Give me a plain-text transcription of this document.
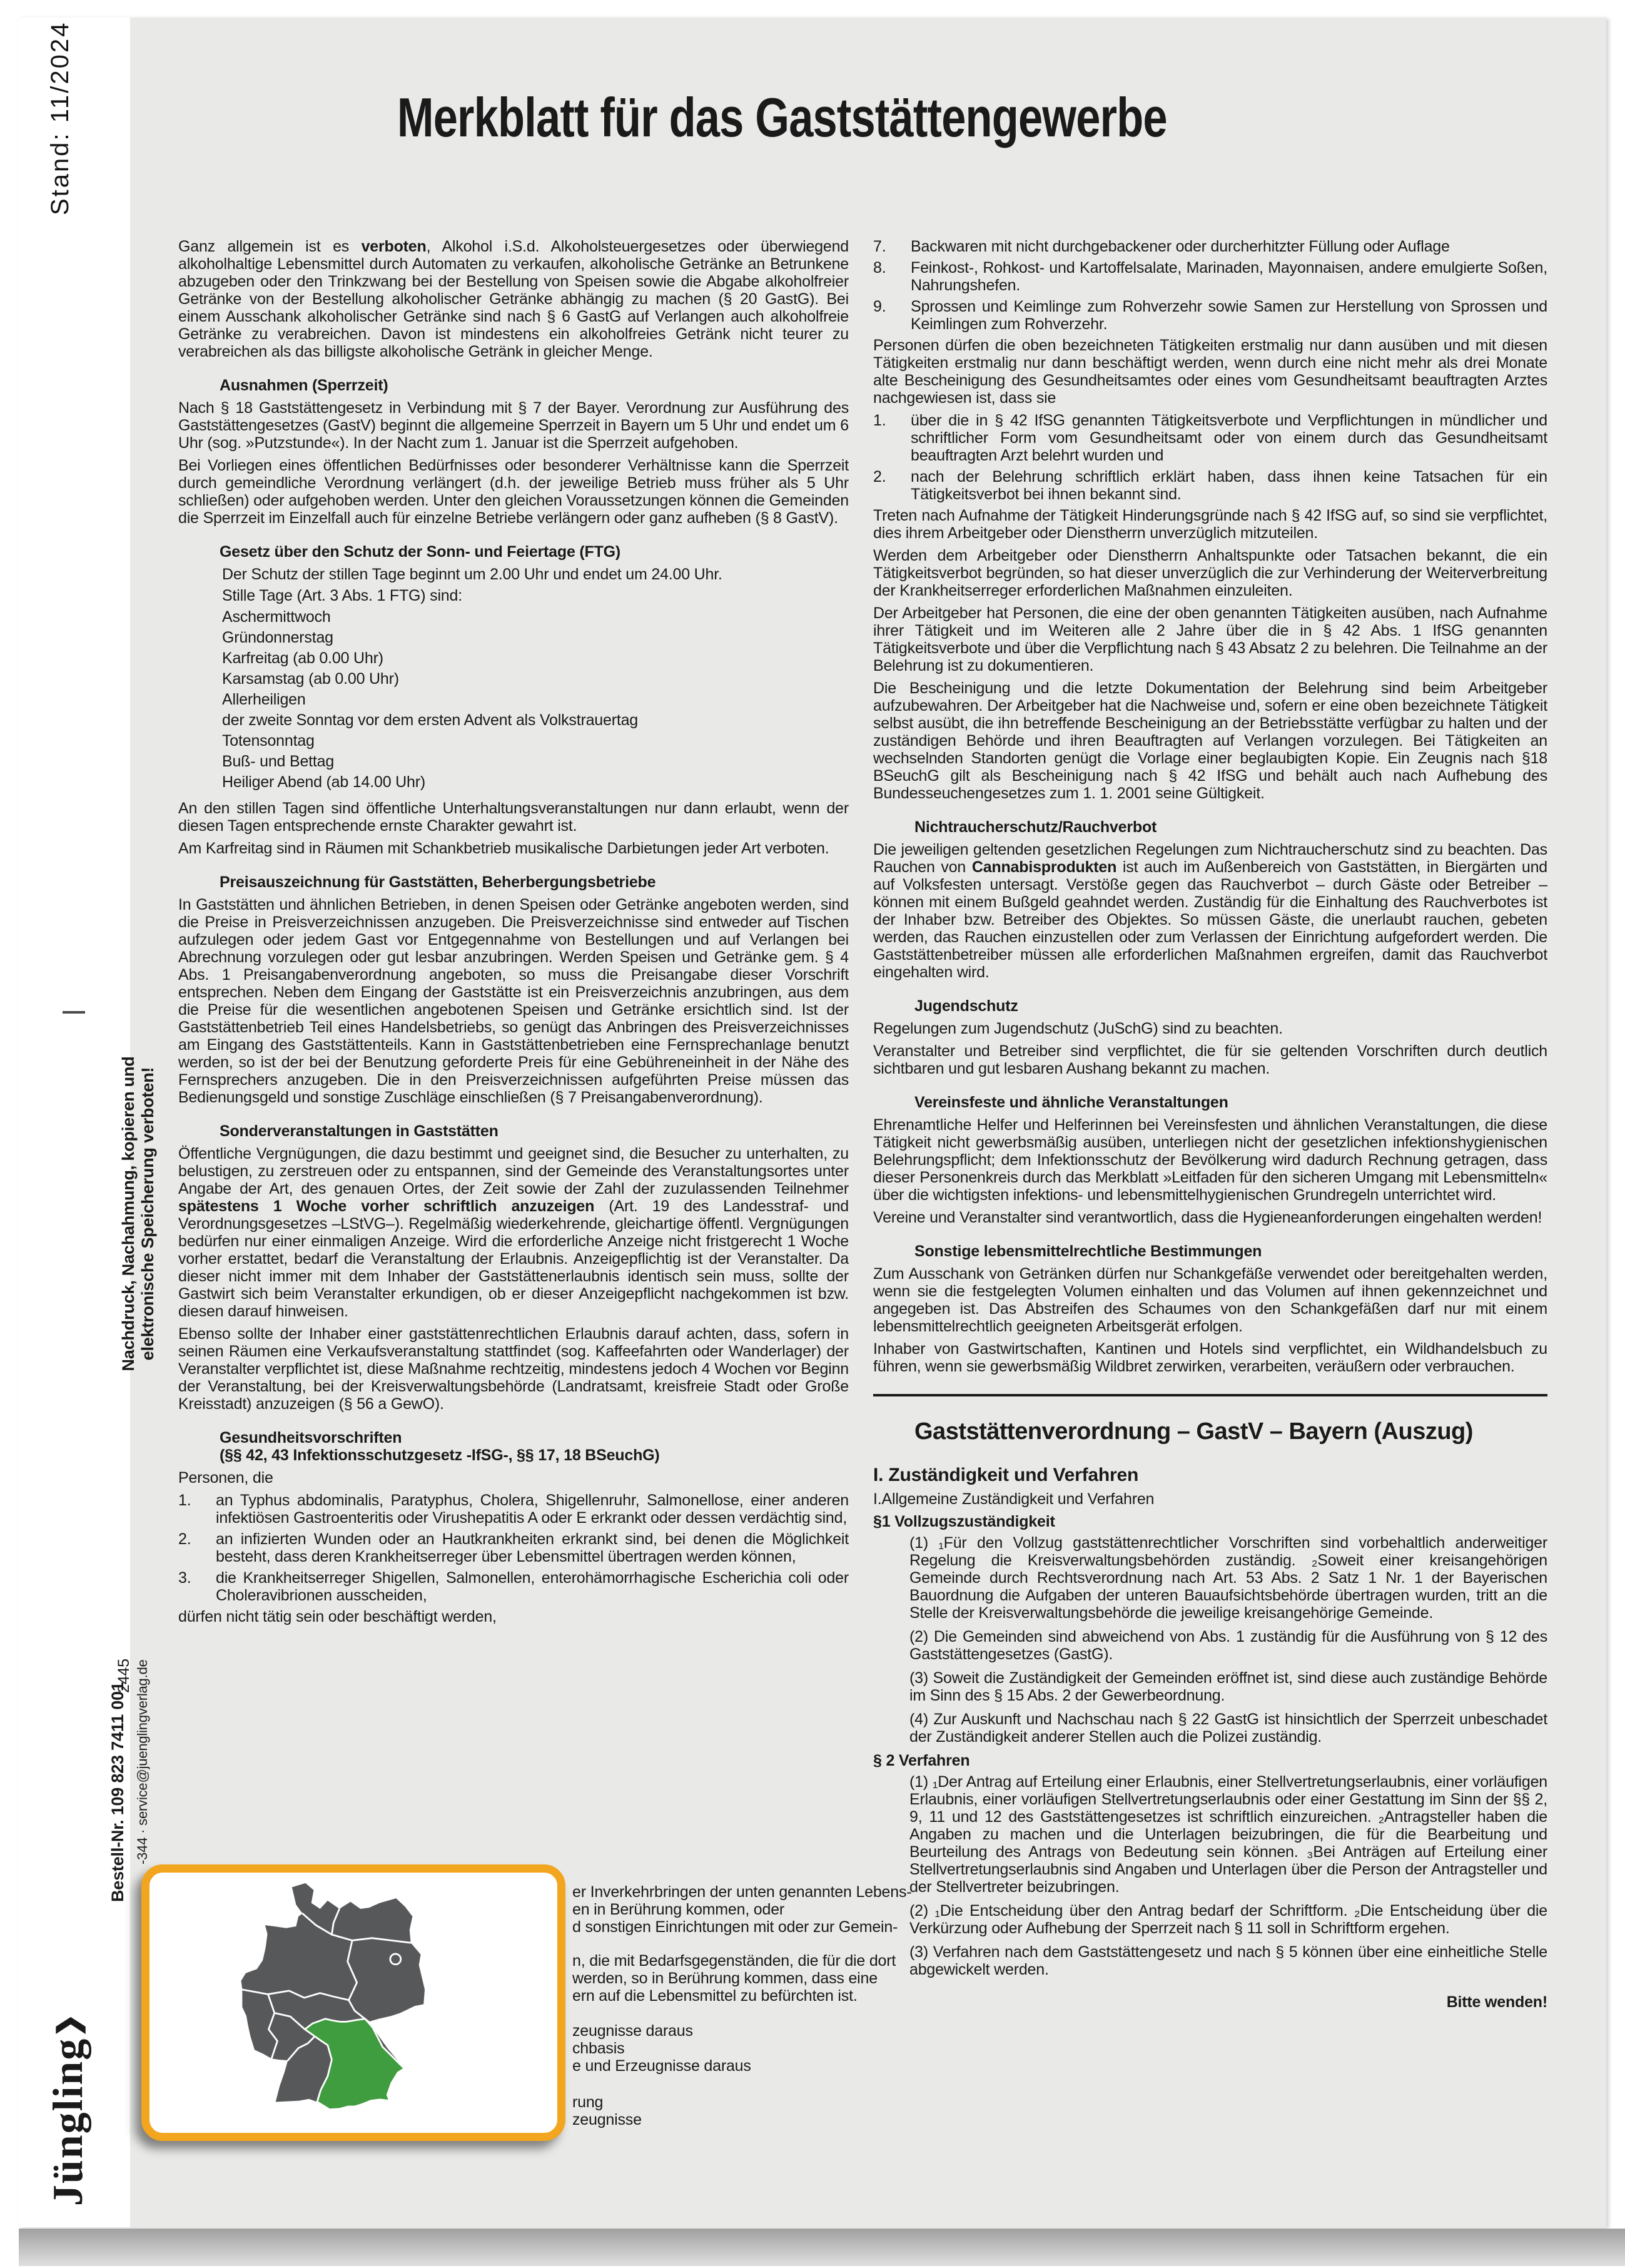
Stand: 11/2024
Nachdruck, Nachahmung, kopieren und elektronische Speicherung verboten!
2445 -344 · service@juenglingverlag.de
Bestell-Nr. 109 823 7411 001
Jüngling❯
Merkblatt für das Gaststättengewerbe
Ganz allgemein ist es verboten, Alkohol i.S.d. Alkoholsteuergesetzes oder überwiegend alkoholhaltige Lebensmittel durch Automaten zu verkaufen, alkoholische Getränke an Betrunkene abzugeben oder den Trinkzwang bei der Bestellung von Speisen sowie die Abgabe alkoholfreier Getränke von der Bestellung alkoholischer Getränke abhängig zu machen (§ 20 GastG). Bei einem Ausschank alkoholischer Getränke sind nach § 6 GastG auf Verlangen auch alkoholfreie Getränke zu verabreichen. Davon ist mindestens ein alkoholfreies Getränk nicht teurer zu verabreichen als das billigste alkoholische Getränk in gleicher Menge.
Ausnahmen (Sperrzeit)
Nach § 18 Gaststättengesetz in Verbindung mit § 7 der Bayer. Verordnung zur Ausführung des Gaststättengesetzes (GastV) beginnt die allgemeine Sperrzeit in Bayern um 5 Uhr und endet um 6 Uhr (sog. »Putzstunde«). In der Nacht zum 1. Januar ist die Sperrzeit aufgehoben.
Bei Vorliegen eines öffentlichen Bedürfnisses oder besonderer Verhältnisse kann die Sperrzeit durch gemeindliche Verordnung verlängert (d.h. der jeweilige Betrieb muss früher als 5 Uhr schließen) oder aufgehoben werden. Unter den gleichen Voraussetzungen können die Gemeinden die Sperrzeit im Einzelfall auch für einzelne Betriebe verlängern oder ganz aufheben (§ 8 GastV).
Gesetz über den Schutz der Sonn- und Feiertage (FTG)
Der Schutz der stillen Tage beginnt um 2.00 Uhr und endet um 24.00 Uhr.
Stille Tage (Art. 3 Abs. 1 FTG) sind:
Aschermittwoch
Gründonnerstag
Karfreitag (ab 0.00 Uhr)
Karsamstag (ab 0.00 Uhr)
Allerheiligen
der zweite Sonntag vor dem ersten Advent als Volkstrauertag
Totensonntag
Buß- und Bettag
Heiliger Abend (ab 14.00 Uhr)
An den stillen Tagen sind öffentliche Unterhaltungsveranstaltungen nur dann erlaubt, wenn der diesen Tagen entsprechende ernste Charakter gewahrt ist.
Am Karfreitag sind in Räumen mit Schankbetrieb musikalische Darbietungen jeder Art verboten.
Preisauszeichnung für Gaststätten, Beherbergungsbetriebe
In Gaststätten und ähnlichen Betrieben, in denen Speisen oder Getränke angeboten werden, sind die Preise in Preisverzeichnissen anzugeben. Die Preisverzeichnisse sind entweder auf Tischen aufzulegen oder jedem Gast vor Entgegennahme von Bestellungen und auf Verlangen bei Abrechnung vorzulegen oder gut lesbar anzubringen. Werden Speisen und Getränke gem. § 4 Abs. 1 Preisangabenverordnung angeboten, so muss die Preisangabe dieser Vorschrift entsprechen. Neben dem Eingang der Gaststätte ist ein Preisverzeichnis anzubringen, aus dem die Preise für die wesentlichen angebotenen Speisen und Getränke ersichtlich sind. Ist der Gaststättenbetrieb Teil eines Handelsbetriebs, so genügt das Anbringen des Preisverzeichnisses am Eingang des Gaststättenteils. Kann in Gaststättenbetrieben eine Fernsprechanlage benutzt werden, so ist der bei der Benutzung geforderte Preis für eine Gebühreneinheit in der Nähe des Fernsprechers anzugeben. Die in den Preisverzeichnissen aufgeführten Preise müssen das Bedienungsgeld und sonstige Zuschläge einschließen (§ 7 Preisangabenverordnung).
Sonderveranstaltungen in Gaststätten
Öffentliche Vergnügungen, die dazu bestimmt und geeignet sind, die Besucher zu unterhalten, zu belustigen, zu zerstreuen oder zu entspannen, sind der Gemeinde des Veranstaltungsortes unter Angabe der Art, des genauen Ortes, der Zeit sowie der Zahl der zuzulassenden Teilnehmer spätestens 1 Woche vorher schriftlich anzuzeigen (Art. 19 des Landesstraf- und Verordnungsgesetzes –LStVG–). Regelmäßig wiederkehrende, gleichartige öffentl. Vergnügungen bedürfen nur einer einmaligen Anzeige. Wird die erforderliche Anzeige nicht fristgerecht 1 Woche vorher erstattet, bedarf die Veranstaltung der Erlaubnis. Anzeigepflichtig ist der Veranstalter. Da dieser nicht immer mit dem Inhaber der Gaststättenerlaubnis identisch sein muss, sollte der Gastwirt sich beim Veranstalter erkundigen, ob er dieser Anzeigepflicht nachgekommen ist bzw. diesen darauf hinweisen.
Ebenso sollte der Inhaber einer gaststättenrechtlichen Erlaubnis darauf achten, dass, sofern in seinen Räumen eine Verkaufsveranstaltung stattfindet (sog. Kaffeefahrten oder Wanderlager) der Veranstalter verpflichtet ist, diese Maßnahme rechtzeitig, mindestens jedoch 4 Wochen vor Beginn der Veranstaltung, bei der Kreisverwaltungsbehörde (Landratsamt, kreisfreie Stadt oder Große Kreisstadt) anzuzeigen (§ 56 a GewO).
Gesundheitsvorschriften
(§§ 42, 43 Infektionsschutzgesetz -IfSG-, §§ 17, 18 BSeuchG)
Personen, die
1. an Typhus abdominalis, Paratyphus, Cholera, Shigellenruhr, Salmonellose, einer anderen infektiösen Gastroenteritis oder Virushepatitis A oder E erkrankt oder dessen verdächtig sind,
2. an infizierten Wunden oder an Hautkrankheiten erkrankt sind, bei denen die Möglichkeit besteht, dass deren Krankheitserreger über Lebensmittel übertragen werden können,
3. die Krankheitserreger Shigellen, Salmonellen, enterohämorrhagische Escherichia coli oder Choleravibrionen ausscheiden,
dürfen nicht tätig sein oder beschäftigt werden,
er Inverkehrbringen der unten genannten Lebens-
en in Berührung kommen, oder
d sonstigen Einrichtungen mit oder zur Gemein-
n, die mit Bedarfsgegenständen, die für die dort
werden, so in Berührung kommen, dass eine
ern auf die Lebensmittel zu befürchten ist.
zeugnisse daraus
chbasis
e und Erzeugnisse daraus
rung
zeugnisse
7. Backwaren mit nicht durchgebackener oder durcherhitzter Füllung oder Auflage
8. Feinkost-, Rohkost- und Kartoffelsalate, Marinaden, Mayonnaisen, andere emulgierte Soßen, Nahrungshefen.
9. Sprossen und Keimlinge zum Rohverzehr sowie Samen zur Herstellung von Sprossen und Keimlingen zum Rohverzehr.
Personen dürfen die oben bezeichneten Tätigkeiten erstmalig nur dann ausüben und mit diesen Tätigkeiten erstmalig nur dann beschäftigt werden, wenn durch eine nicht mehr als drei Monate alte Bescheinigung des Gesundheitsamtes oder eines vom Gesundheitsamt beauftragten Arztes nachgewiesen ist, dass sie
1. über die in § 42 IfSG genannten Tätigkeitsverbote und Verpflichtungen in mündlicher und schriftlicher Form vom Gesundheitsamt oder von einem durch das Gesundheitsamt beauftragten Arzt belehrt wurden und
2. nach der Belehrung schriftlich erklärt haben, dass ihnen keine Tatsachen für ein Tätigkeitsverbot bei ihnen bekannt sind.
Treten nach Aufnahme der Tätigkeit Hinderungsgründe nach § 42 IfSG auf, so sind sie verpflichtet, dies ihrem Arbeitgeber oder Dienstherrn unverzüglich mitzuteilen.
Werden dem Arbeitgeber oder Dienstherrn Anhaltspunkte oder Tatsachen bekannt, die ein Tätigkeitsverbot begründen, so hat dieser unverzüglich die zur Verhinderung der Weiterverbreitung der Krankheitserreger erforderlichen Maßnahmen einzuleiten.
Der Arbeitgeber hat Personen, die eine der oben genannten Tätigkeiten ausüben, nach Aufnahme ihrer Tätigkeit und im Weiteren alle 2 Jahre über die in § 42 Abs. 1 IfSG genannten Tätigkeitsverbote und über die Verpflichtung nach § 43 Absatz 2 zu belehren. Die Teilnahme an der Belehrung ist zu dokumentieren.
Die Bescheinigung und die letzte Dokumentation der Belehrung sind beim Arbeitgeber aufzubewahren. Der Arbeitgeber hat die Nachweise und, sofern er eine oben bezeichnete Tätigkeit selbst ausübt, die ihn betreffende Bescheinigung an der Betriebsstätte verfügbar zu halten und der zuständigen Behörde und ihren Beauftragten auf Verlangen vorzulegen. Bei Tätigkeiten an wechselnden Standorten genügt die Vorlage einer beglaubigten Kopie. Ein Zeugnis nach §18 BSeuchG gilt als Bescheinigung nach § 42 IfSG und behält auch nach Aufhebung des Bundesseuchengesetzes zum 1. 1. 2001 seine Gültigkeit.
Nichtraucherschutz/Rauchverbot
Die jeweiligen geltenden gesetzlichen Regelungen zum Nichtraucherschutz sind zu beachten. Das Rauchen von Cannabisprodukten ist auch im Außenbereich von Gaststätten, in Biergärten und auf Volksfesten untersagt. Verstöße gegen das Rauchverbot – durch Gäste oder Betreiber – können mit einem Bußgeld geahndet werden. Zuständig für die Einhaltung des Rauchverbotes ist der Inhaber bzw. Betreiber des Objektes. So müssen Gäste, die unerlaubt rauchen, gebeten werden, das Rauchen einzustellen oder zum Verlassen der Einrichtung aufgefordert werden. Die Gaststättenbetreiber müssen alle erforderlichen Maßnahmen ergreifen, damit das Rauchverbot eingehalten wird.
Jugendschutz
Regelungen zum Jugendschutz (JuSchG) sind zu beachten.
Veranstalter und Betreiber sind verpflichtet, die für sie geltenden Vorschriften durch deutlich sichtbaren und gut lesbaren Aushang bekannt zu machen.
Vereinsfeste und ähnliche Veranstaltungen
Ehrenamtliche Helfer und Helferinnen bei Vereinsfesten und ähnlichen Veranstaltungen, die diese Tätigkeit nicht gewerbsmäßig ausüben, unterliegen nicht der gesetzlichen infektionshygienischen Belehrungspflicht; dem Infektionsschutz der Bevölkerung wird dadurch Rechnung getragen, dass dieser Personenkreis durch das Merkblatt »Leitfaden für den sicheren Umgang mit Lebensmitteln« über die wichtigsten infektions- und lebensmittelhygienischen Grundregeln unterrichtet wird.
Vereine und Veranstalter sind verantwortlich, dass die Hygieneanforderungen eingehalten werden!
Sonstige lebensmittelrechtliche Bestimmungen
Zum Ausschank von Getränken dürfen nur Schankgefäße verwendet oder bereitgehalten werden, wenn sie die festgelegten Volumen einhalten und das Volumen auf ihnen gekennzeichnet und angegeben ist. Das Abstreifen des Schaumes von den Schankgefäßen darf nur mit einem lebensmittelrechtlich geeigneten Arbeitsgerät erfolgen.
Inhaber von Gastwirtschaften, Kantinen und Hotels sind verpflichtet, ein Wildhandelsbuch zu führen, wenn sie gewerbsmäßig Wildbret zerwirken, verarbeiten, veräußern oder verbrauchen.
Gaststättenverordnung – GastV – Bayern (Auszug)
I. Zuständigkeit und Verfahren
I.Allgemeine Zuständigkeit und Verfahren
§1 Vollzugszuständigkeit
(1) ₁Für den Vollzug gaststättenrechtlicher Vorschriften sind vorbehaltlich anderweitiger Regelung die Kreisverwaltungsbehörden zuständig. ₂Soweit einer kreisangehörigen Gemeinde durch Rechtsverordnung nach Art. 53 Abs. 2 Satz 1 Nr. 1 der Bayerischen Bauordnung die Aufgaben der unteren Bauaufsichtsbehörde übertragen wurden, tritt an die Stelle der Kreisverwaltungsbehörde die jeweilige kreisangehörige Gemeinde.
(2) Die Gemeinden sind abweichend von Abs. 1 zuständig für die Ausführung von § 12 des Gaststättengesetzes (GastG).
(3) Soweit die Zuständigkeit der Gemeinden eröffnet ist, sind diese auch zuständige Behörde im Sinn des § 15 Abs. 2 der Gewerbeordnung.
(4) Zur Auskunft und Nachschau nach § 22 GastG ist hinsichtlich der Sperrzeit unbeschadet der Zuständigkeit anderer Stellen auch die Polizei zuständig.
§ 2 Verfahren
(1) ₁Der Antrag auf Erteilung einer Erlaubnis, einer Stellvertretungserlaubnis, einer vorläufigen Erlaubnis, einer vorläufigen Stellvertretungserlaubnis oder einer Gestattung im Sinn der §§ 2, 9, 11 und 12 des Gaststättengesetzes ist schriftlich einzureichen. ₂Antragsteller haben die Angaben zu machen und die Unterlagen beizubringen, die für die Bearbeitung und Beurteilung des Antrags von Bedeutung sein können. ₃Bei Anträgen auf Erteilung einer Stellvertretungserlaubnis sind Angaben und Unterlagen über die Person der Antragsteller und der Stellvertreter beizubringen.
(2) ₁Die Entscheidung über den Antrag bedarf der Schriftform. ₂Die Entscheidung über die Verkürzung oder Aufhebung der Sperrzeit nach § 11 soll in Schriftform ergehen.
(3) Verfahren nach dem Gaststättengesetz und nach § 5 können über eine einheitliche Stelle abgewickelt werden.
Bitte wenden!
